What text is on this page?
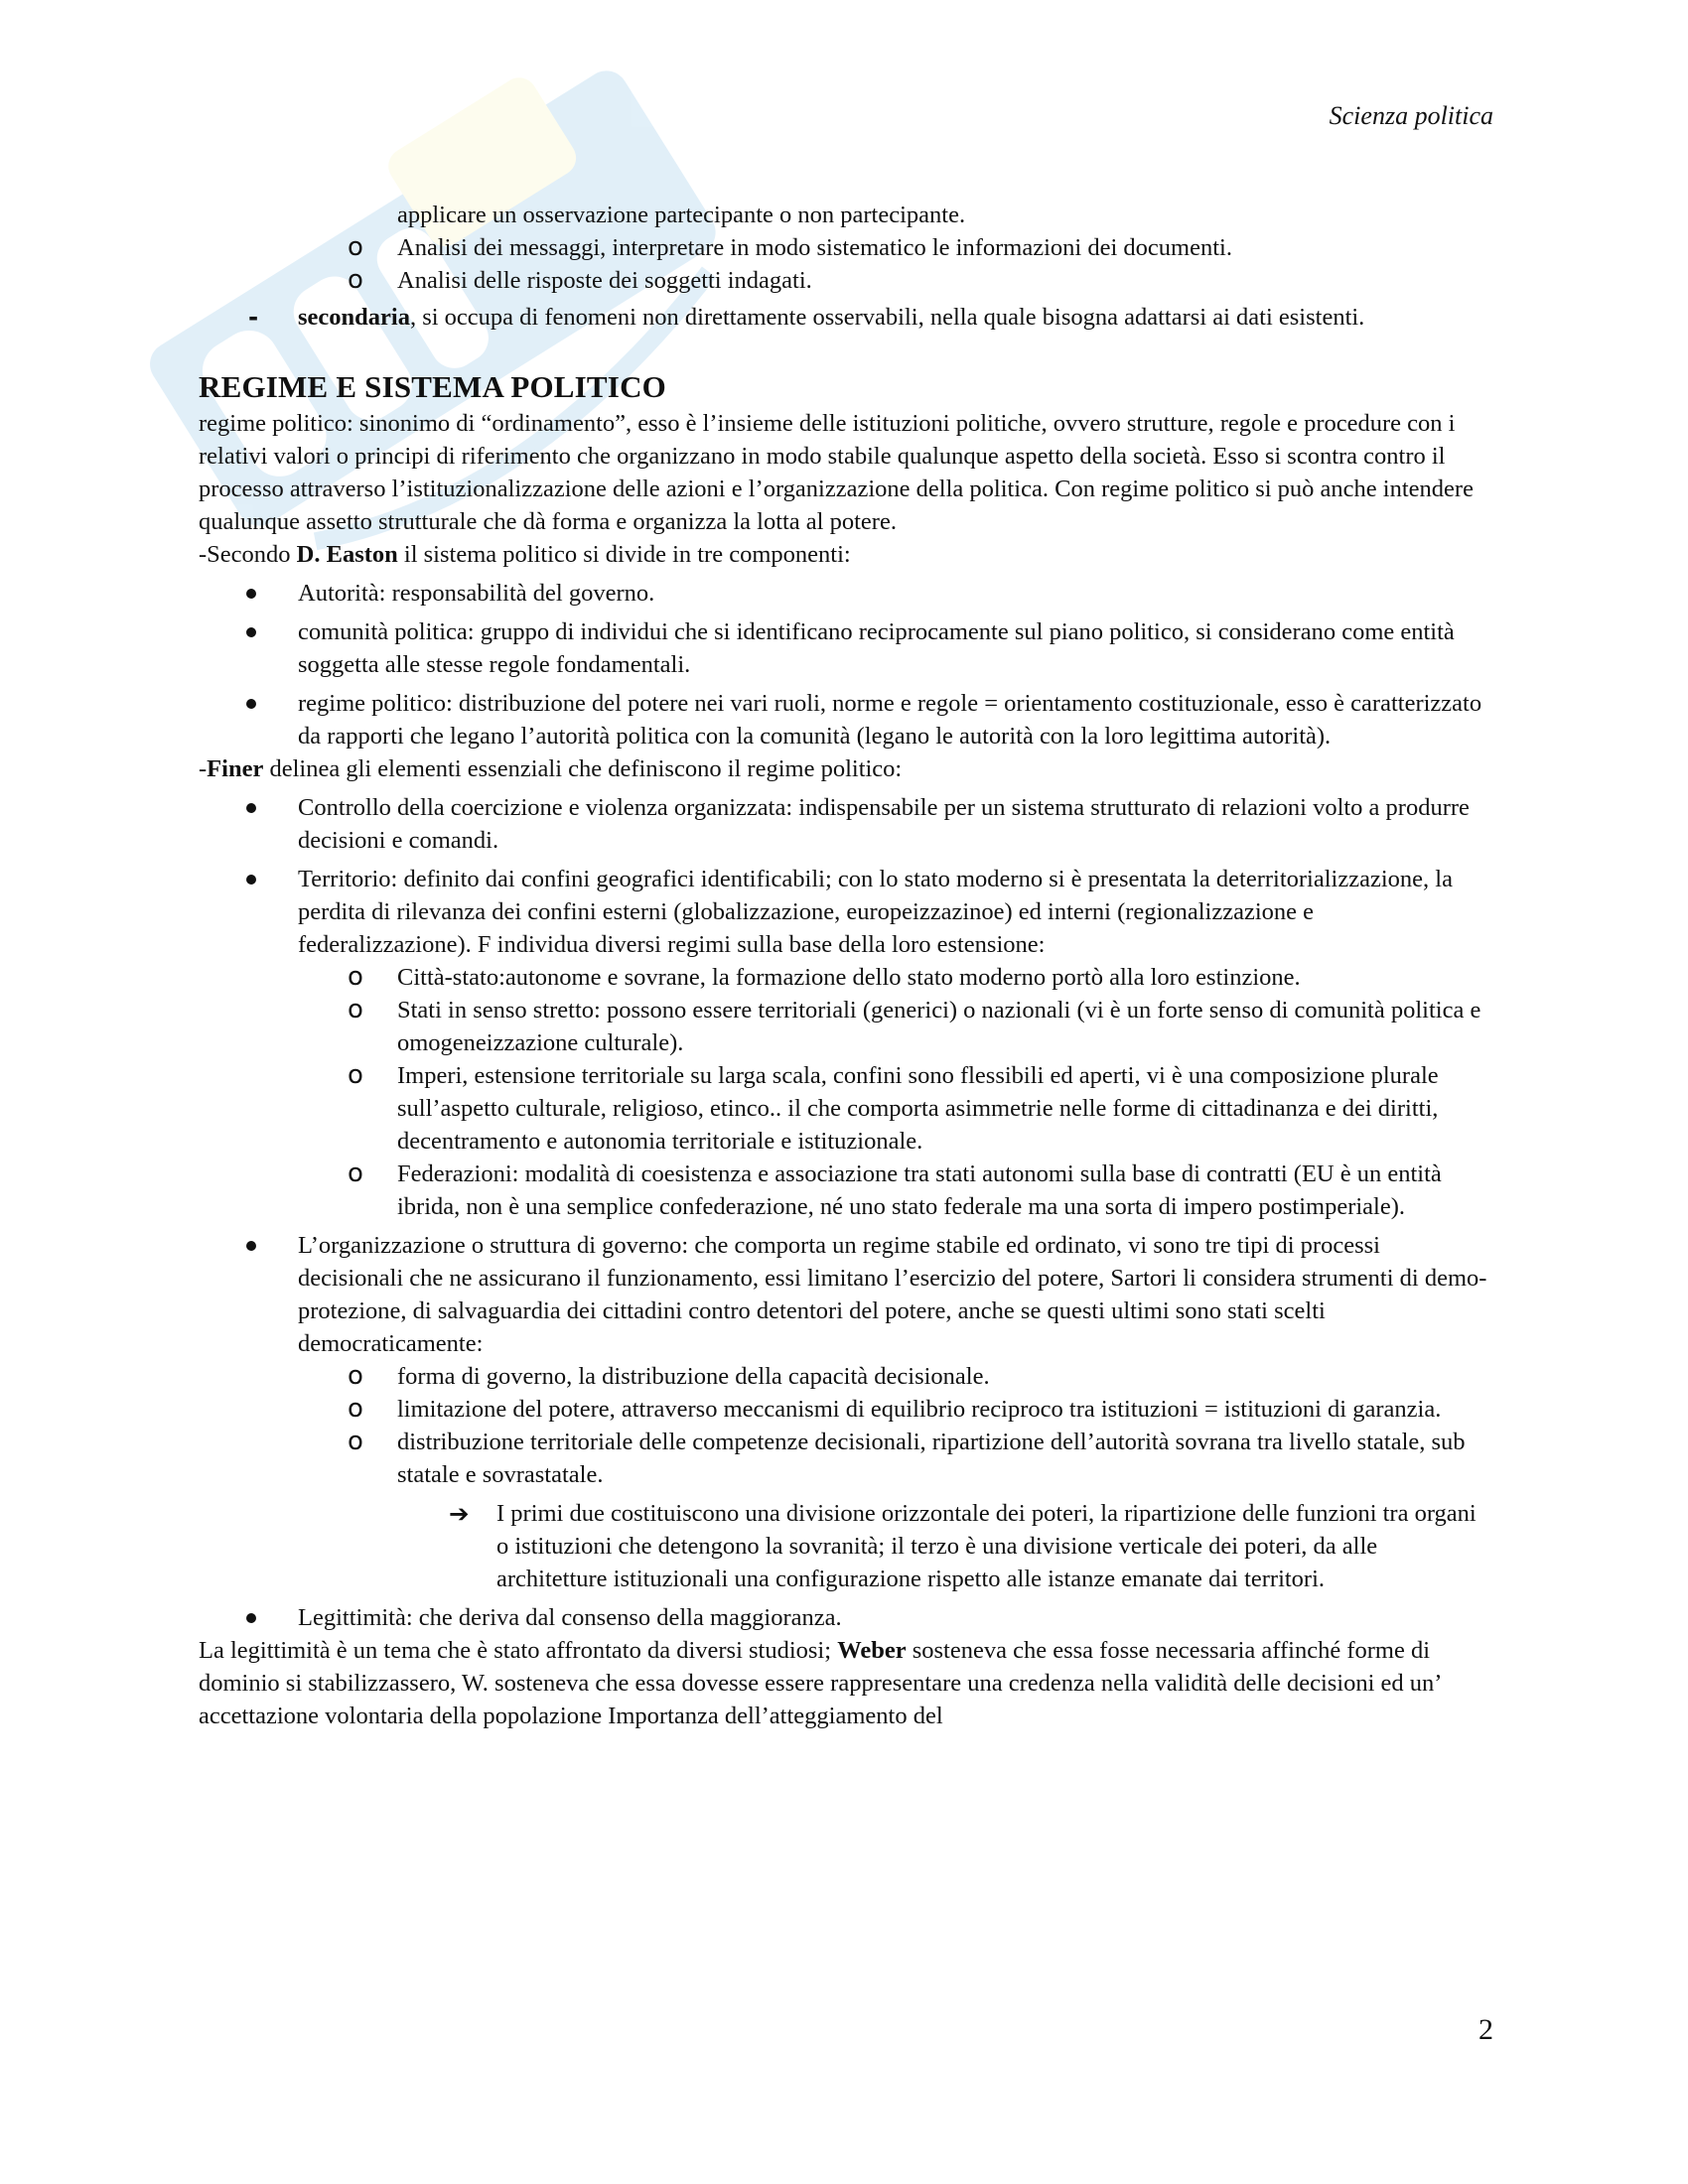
Scienza politica

applicare un osservazione partecipante o non partecipante.

o Analisi dei messaggi, interpretare in modo sistematico le informazioni dei documenti.
o Analisi delle risposte dei soggetti indagati.
- secondaria, si occupa di fenomeni non direttamente osservabili, nella quale bisogna adattarsi ai dati esistenti.
REGIME E SISTEMA POLITICO

regime politico: sinonimo di “ordinamento”, esso è l’insieme delle istituzioni politiche, ovvero strutture, regole e procedure con i relativi valori o principi di riferimento che organizzano in modo stabile qualunque aspetto della società. Esso si scontra contro il processo attraverso l’istituzionalizzazione delle azioni e l’organizzazione della politica. Con regime politico si può anche intendere qualunque assetto strutturale che dà forma e organizza la lotta al potere.

-Secondo D. Easton il sistema politico si divide in tre componenti:

Autorità: responsabilità del governo.
comunità politica: gruppo di individui che si identificano reciprocamente sul piano politico, si considerano come entità soggetta alle stesse regole fondamentali.
regime politico: distribuzione del potere nei vari ruoli, norme e regole = orientamento costituzionale, esso è caratterizzato da rapporti che legano l’autorità politica con la comunità (legano le autorità con la loro legittima autorità).

-Finer delinea gli elementi essenziali che definiscono il regime politico:

Controllo della coercizione e violenza organizzata: indispensabile per un sistema strutturato di relazioni volto a produrre decisioni e comandi.
Territorio: definito dai confini geografici identificabili; con lo stato moderno si è presentata la deterritorializzazione, la perdita di rilevanza dei confini esterni (globalizzazione, europeizzazinoe) ed interni (regionalizzazione e federalizzazione). F individua diversi regimi sulla base della loro estensione:
o Città-stato:autonome e sovrane, la formazione dello stato moderno portò alla loro estinzione.
o Stati in senso stretto: possono essere territoriali (generici) o nazionali (vi è un forte senso di comunità politica e omogeneizzazione culturale).
o Imperi, estensione territoriale su larga scala, confini sono flessibili ed aperti, vi è una composizione plurale sull’aspetto culturale, religioso, etinco.. il che comporta asimmetrie nelle forme di cittadinanza e dei diritti, decentramento e autonomia territoriale e istituzionale.
o Federazioni: modalità di coesistenza e associazione tra stati autonomi sulla base di contratti (EU è un entità ibrida, non è una semplice confederazione, né uno stato federale ma una sorta di impero postimperiale).
L’organizzazione o struttura di governo: che comporta un regime stabile ed ordinato, vi sono tre tipi di processi decisionali che ne assicurano il funzionamento, essi limitano l’esercizio del potere, Sartori li considera strumenti di demo-protezione, di salvaguardia dei cittadini contro detentori del potere, anche se questi ultimi sono stati scelti democraticamente:
o forma di governo, la distribuzione della capacità decisionale.
o limitazione del potere, attraverso meccanismi di equilibrio reciproco tra istituzioni = istituzioni di garanzia.
o distribuzione territoriale delle competenze decisionali, ripartizione dell’autorità sovrana tra livello statale, sub statale e sovrastatale.
➔ I primi due costituiscono una divisione orizzontale dei poteri, la ripartizione delle funzioni tra organi o istituzioni che detengono la sovranità; il terzo è una divisione verticale dei poteri, da alle architetture istituzionali una configurazione rispetto alle istanze emanate dai territori.
Legittimità: che deriva dal consenso della maggioranza.

La legittimità è un tema che è stato affrontato da diversi studiosi; Weber sosteneva che essa fosse necessaria affinché forme di dominio si stabilizzassero, W. sosteneva che essa dovesse essere rappresentare una credenza nella validità delle decisioni ed un’ accettazione volontaria della popolazione Importanza dell’atteggiamento del

2
